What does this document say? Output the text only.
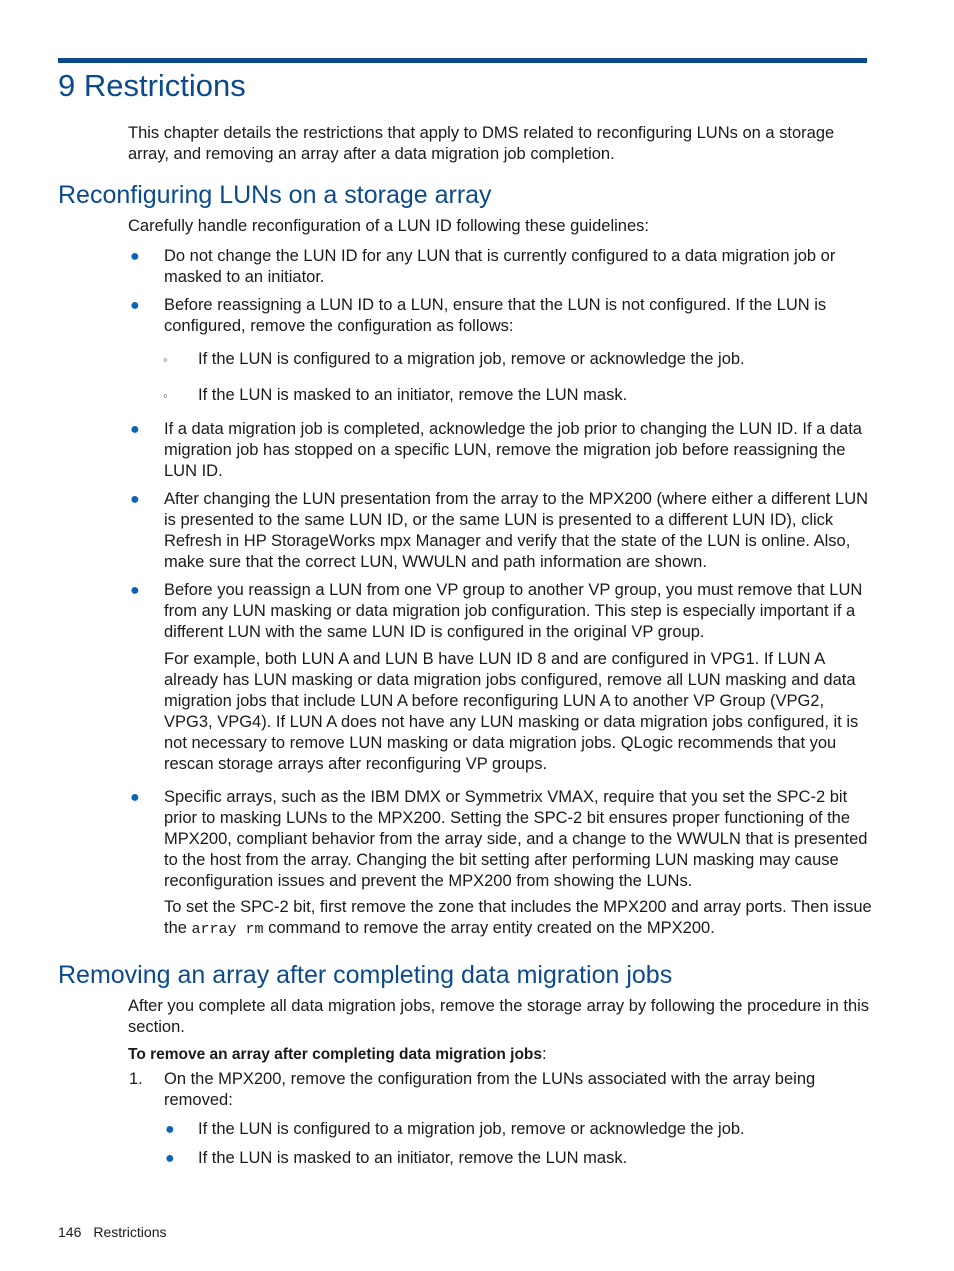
9 Restrictions

This chapter details the restrictions that apply to DMS related to reconfiguring LUNs on a storage array, and removing an array after a data migration job completion.

Reconfiguring LUNs on a storage array

Carefully handle reconfiguration of a LUN ID following these guidelines:

● Do not change the LUN ID for any LUN that is currently configured to a data migration job or masked to an initiator.

● Before reassigning a LUN ID to a LUN, ensure that the LUN is not configured. If the LUN is configured, remove the configuration as follows:

◦ If the LUN is configured to a migration job, remove or acknowledge the job.

◦ If the LUN is masked to an initiator, remove the LUN mask.

● If a data migration job is completed, acknowledge the job prior to changing the LUN ID. If a data migration job has stopped on a specific LUN, remove the migration job before reassigning the LUN ID.

● After changing the LUN presentation from the array to the MPX200 (where either a different LUN is presented to the same LUN ID, or the same LUN is presented to a different LUN ID), click Refresh in HP StorageWorks mpx Manager and verify that the state of the LUN is online. Also, make sure that the correct LUN, WWULN and path information are shown.

● Before you reassign a LUN from one VP group to another VP group, you must remove that LUN from any LUN masking or data migration job configuration. This step is especially important if a different LUN with the same LUN ID is configured in the original VP group.

For example, both LUN A and LUN B have LUN ID 8 and are configured in VPG1. If LUN A already has LUN masking or data migration jobs configured, remove all LUN masking and data migration jobs that include LUN A before reconfiguring LUN A to another VP Group (VPG2, VPG3, VPG4). If LUN A does not have any LUN masking or data migration jobs configured, it is not necessary to remove LUN masking or data migration jobs. QLogic recommends that you rescan storage arrays after reconfiguring VP groups.

● Specific arrays, such as the IBM DMX or Symmetrix VMAX, require that you set the SPC-2 bit prior to masking LUNs to the MPX200. Setting the SPC-2 bit ensures proper functioning of the MPX200, compliant behavior from the array side, and a change to the WWULN that is presented to the host from the array. Changing the bit setting after performing LUN masking may cause reconfiguration issues and prevent the MPX200 from showing the LUNs.

To set the SPC-2 bit, first remove the zone that includes the MPX200 and array ports. Then issue the array rm command to remove the array entity created on the MPX200.

Removing an array after completing data migration jobs

After you complete all data migration jobs, remove the storage array by following the procedure in this section.

To remove an array after completing data migration jobs:

1. On the MPX200, remove the configuration from the LUNs associated with the array being removed:

● If the LUN is configured to a migration job, remove or acknowledge the job.

● If the LUN is masked to an initiator, remove the LUN mask.

146 Restrictions
